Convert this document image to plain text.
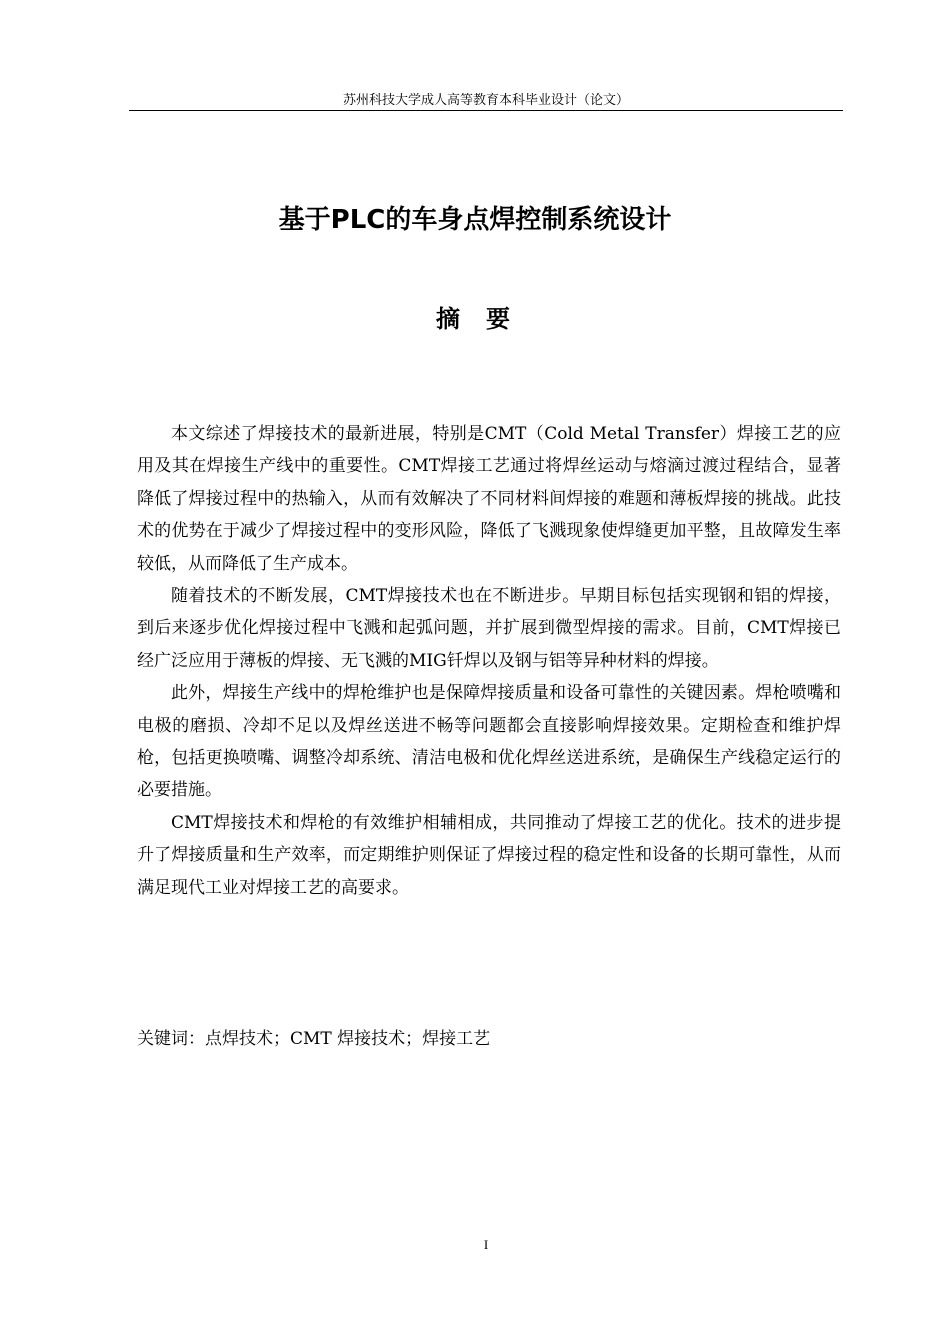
苏州科技大学成人高等教育本科毕业设计（论文）
基于PLC的车身点焊控制系统设计
摘要

本文综述了焊接技术的最新进展，特别是CMT（Cold Metal Transfer）焊接工艺的应用及其在焊接生产线中的重要性。CMT焊接工艺通过将焊丝运动与熔滴过渡过程结合，显著降低了焊接过程中的热输入，从而有效解决了不同材料间焊接的难题和薄板焊接的挑战。此技术的优势在于减少了焊接过程中的变形风险，降低了飞溅现象使焊缝更加平整，且故障发生率较低，从而降低了生产成本。

随着技术的不断发展，CMT焊接技术也在不断进步。早期目标包括实现钢和铝的焊接，到后来逐步优化焊接过程中飞溅和起弧问题，并扩展到微型焊接的需求。目前，CMT焊接已经广泛应用于薄板的焊接、无飞溅的MIG钎焊以及钢与铝等异种材料的焊接。

此外，焊接生产线中的焊枪维护也是保障焊接质量和设备可靠性的关键因素。焊枪喷嘴和电极的磨损、冷却不足以及焊丝送进不畅等问题都会直接影响焊接效果。定期检查和维护焊枪，包括更换喷嘴、调整冷却系统、清洁电极和优化焊丝送进系统，是确保生产线稳定运行的必要措施。

CMT焊接技术和焊枪的有效维护相辅相成，共同推动了焊接工艺的优化。技术的进步提升了焊接质量和生产效率，而定期维护则保证了焊接过程的稳定性和设备的长期可靠性，从而满足现代工业对焊接工艺的高要求。

关键词：点焊技术；CMT 焊接技术；焊接工艺
I
